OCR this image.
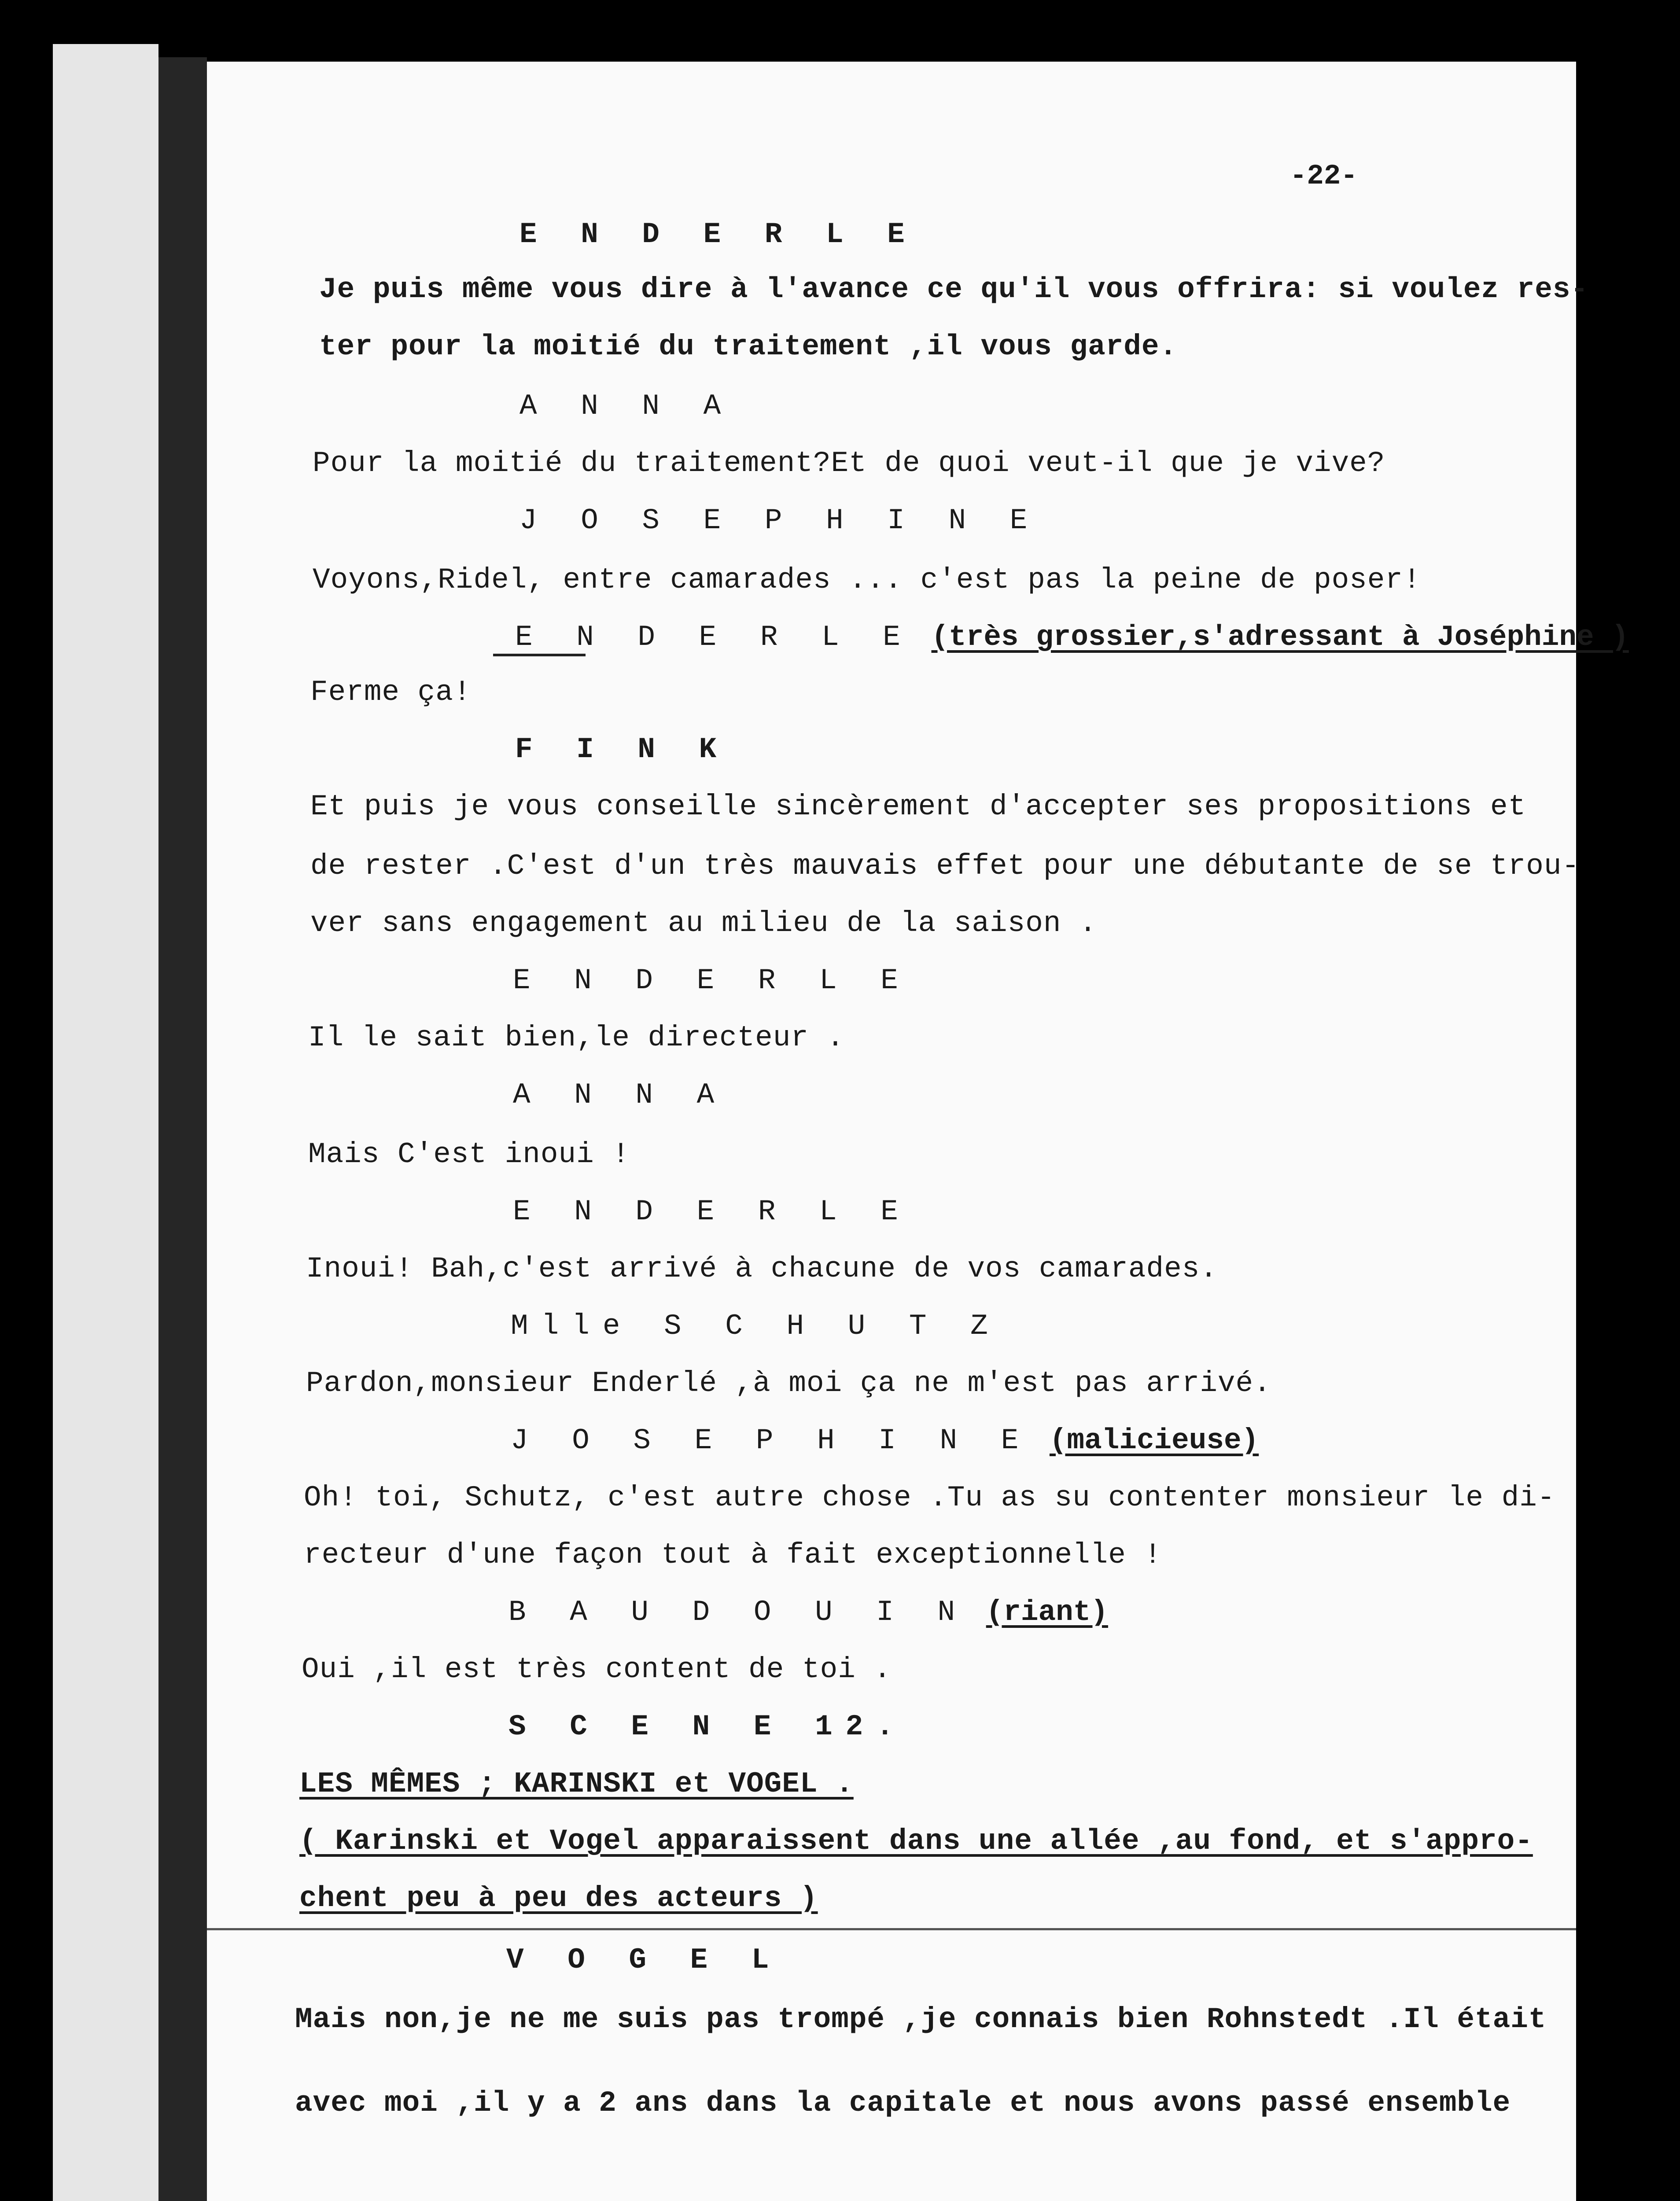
-22-
E N D E R L E
Je puis même vous dire à l'avance ce qu'il vous offrira: si voulez res-
ter pour la moitié du traitement ,il vous garde.
A N N A
Pour la moitié du traitement?Et de quoi veut-il que je vive?
J O S E P H I N E
Voyons,Ridel, entre camarades ... c'est pas la peine de poser!
E N D E R L E (très grossier,s'adressant à Joséphine )
Ferme ça!
F I N K
Et puis je vous conseille sincèrement d'accepter ses propositions et
de rester .C'est d'un très mauvais effet pour une débutante de se trou-
ver sans engagement au milieu de la saison .
E N D E R L E
Il le sait bien,le directeur .
A N N A
Mais C'est inoui !
E N D E R L E
Inoui! Bah,c'est arrivé à chacune de vos camarades.
Mlle S C H U T Z
Pardon,monsieur Enderlé ,à moi ça ne m'est pas arrivé.
J O S E P H I N E (malicieuse)
Oh! toi, Schutz, c'est autre chose .Tu as su contenter monsieur le di-
recteur d'une façon tout à fait exceptionnelle !
B A U D O U I N (riant)
Oui ,il est très content de toi .
S C E N E 12.
LES MÊMES ; KARINSKI et VOGEL .
( Karinski et Vogel apparaissent dans une allée ,au fond, et s'appro-
chent peu à peu des acteurs )
V O G E L
Mais non,je ne me suis pas trompé ,je connais bien Rohnstedt .Il était
avec moi ,il y a 2 ans dans la capitale et nous avons passé ensemble
